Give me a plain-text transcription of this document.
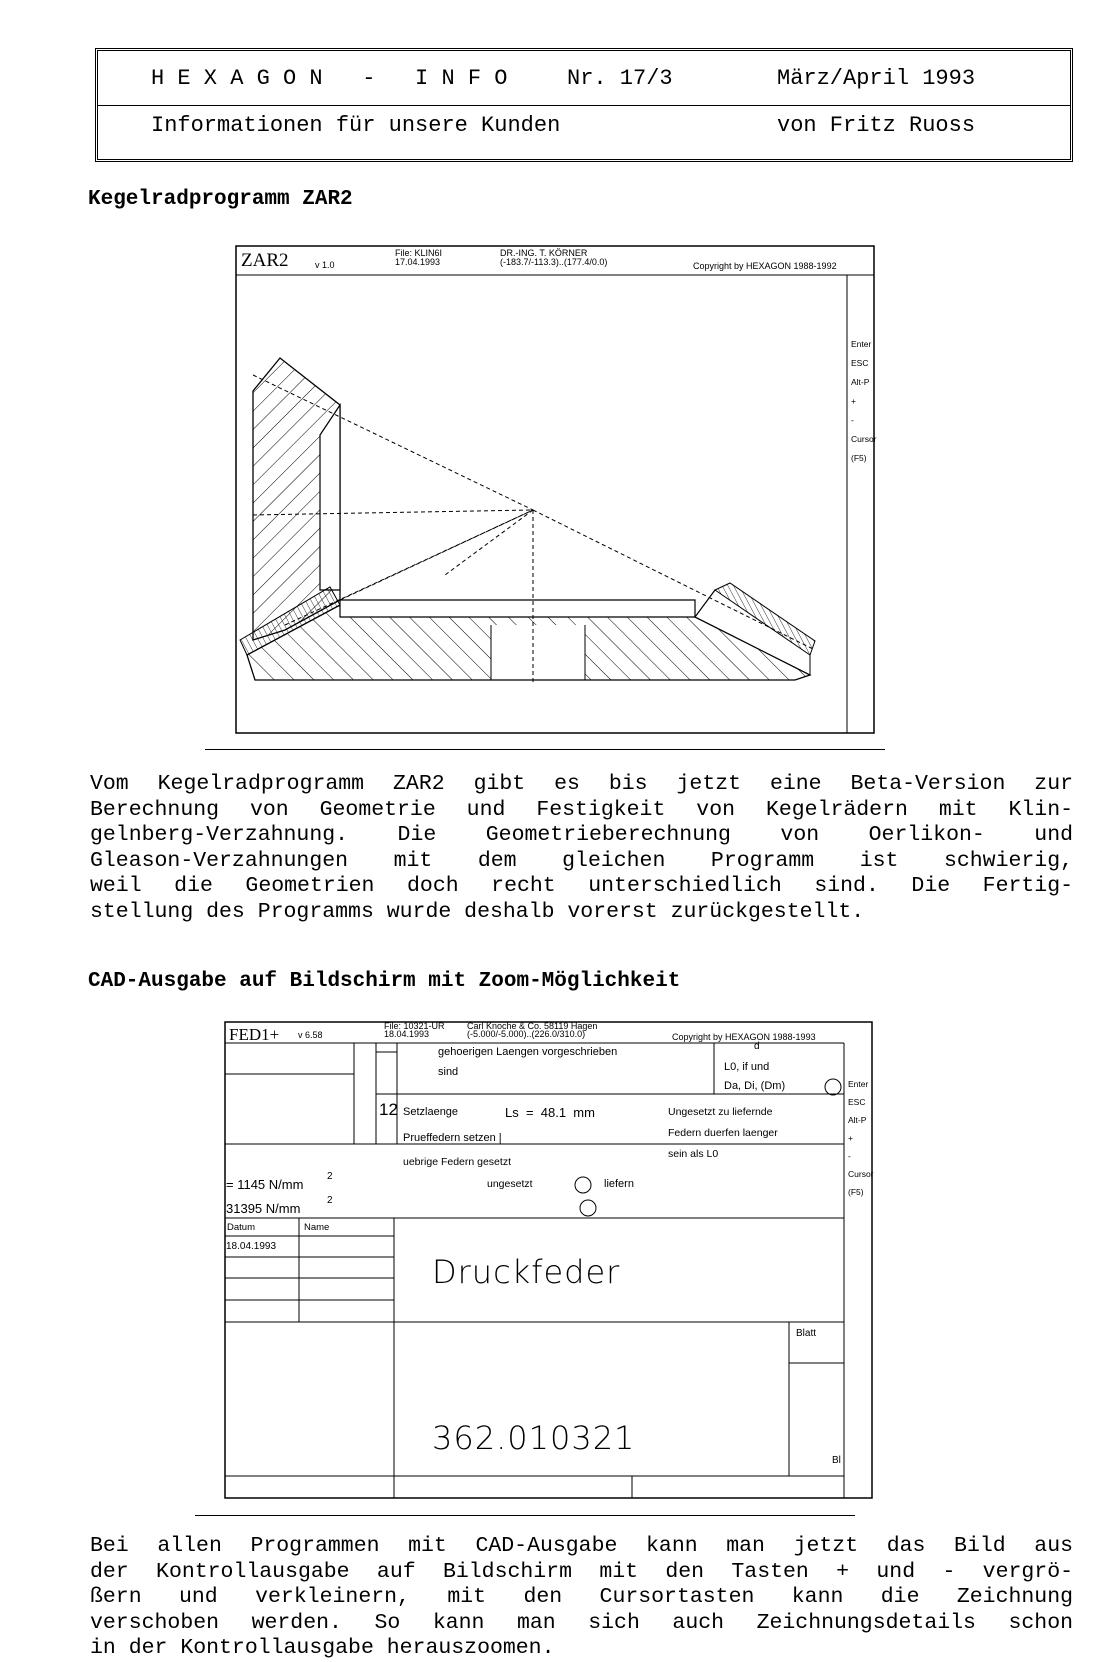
H E X A G O N   -   I N F O	Nr. 17/3	März/April 1993
Informationen für unsere Kunden	von Fritz Ruoss
Kegelradprogramm ZAR2
ZAR2	v 1.0
File: KLIN6I
17.04.1993
DR.-ING. T. KÖRNER
(-183.7/-113.3)..(177.4/0.0)	Copyright by HEXAGON 1988-1992
Enter
ESC
Alt-P
+
-
Cursor
(F5)
Vom Kegelradprogramm ZAR2 gibt es bis jetzt eine Beta-Version zur
Berechnung von Geometrie und Festigkeit von Kegelrädern mit Klin-
gelnberg-Verzahnung. Die Geometrieberechnung von Oerlikon- und
Gleason-Verzahnungen mit dem gleichen Programm ist schwierig,
weil die Geometrien doch recht unterschiedlich sind. Die Fertig-
stellung des Programms wurde deshalb vorerst zurückgestellt.
CAD-Ausgabe auf Bildschirm mit Zoom-Möglichkeit
FED1+ v 6.58
File: 10321-UR
18.04.1993
Carl Knoche & Co. 58119 Hagen
(-5.000/-5.000)..(226.0/310.0)	Copyright by HEXAGON 1988-1993
gehoerigen Laengen vorgeschrieben
sind
d
L0, if und
Da, Di, (Dm)
= 1145 N/mm
2
31395 N/mm
2
12 Setzlaenge	Ls  =  48.1  mm
Prueffedern setzen |
uebrige Federn gesetzt
ungesetzt	liefern
Ungesetzt zu liefernde
Federn duerfen laenger
sein als L0
Datum	Name
18.04.1993
Druckfeder
362.010321
Blatt
Bl
Enter
ESC
Alt-P
+
-
Cursor
(F5)
Bei allen Programmen mit CAD-Ausgabe kann man jetzt das Bild aus
der Kontrollausgabe auf Bildschirm mit den Tasten + und - vergrö-
ßern und verkleinern, mit den Cursortasten kann die Zeichnung
verschoben werden. So kann man sich auch Zeichnungsdetails schon
in der Kontrollausgabe herauszoomen.
